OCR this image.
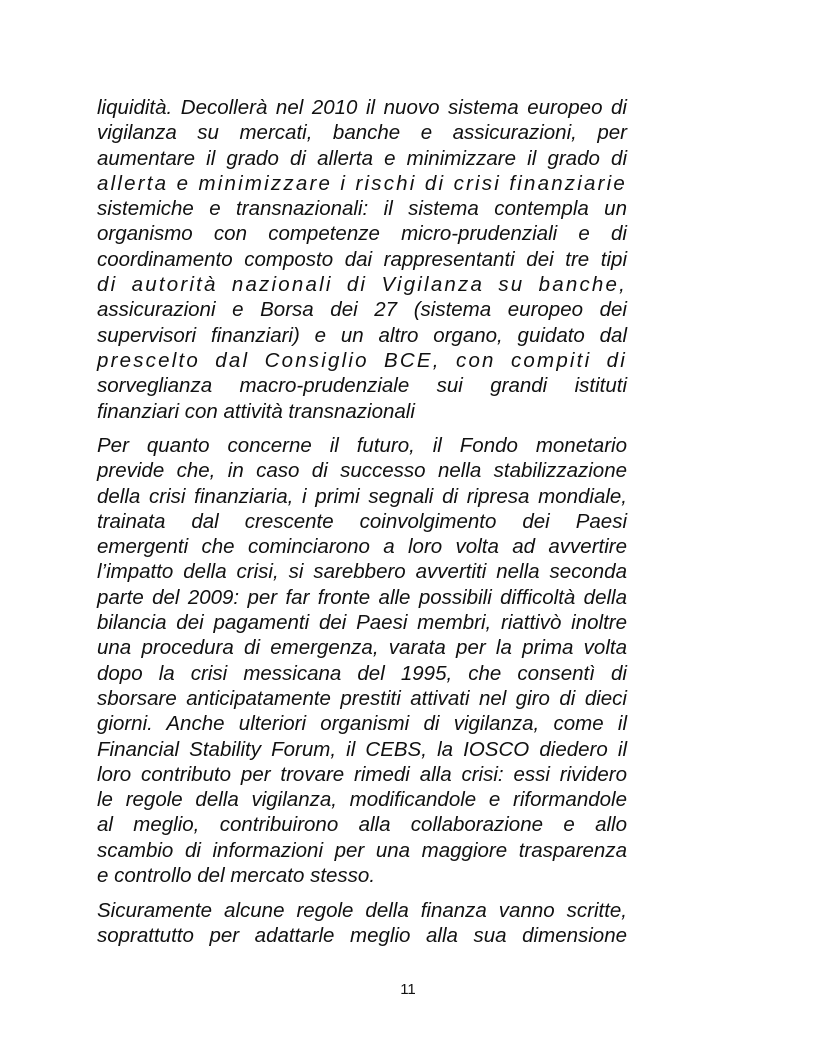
liquidità. Decollerà nel 2010 il nuovo sistema europeo di
vigilanza su mercati, banche e assicurazioni, per
aumentare il grado di allerta e minimizzare il grado di
allerta e minimizzare i rischi di crisi finanziarie
sistemiche e transnazionali: il sistema contempla un
organismo con competenze micro-prudenziali e di
coordinamento composto dai rappresentanti dei tre tipi
di autorità nazionali di Vigilanza su banche,
assicurazioni e Borsa dei 27 (sistema europeo dei
supervisori finanziari) e un altro organo, guidato dal
prescelto dal Consiglio BCE, con compiti di
sorveglianza macro-prudenziale sui grandi istituti
finanziari con attività transnazionali
Per quanto concerne il futuro, il Fondo monetario
previde che, in caso di successo nella stabilizzazione
della crisi finanziaria, i primi segnali di ripresa mondiale,
trainata dal crescente coinvolgimento dei Paesi
emergenti che cominciarono a loro volta ad avvertire
l’impatto della crisi, si sarebbero avvertiti nella seconda
parte del 2009: per far fronte alle possibili difficoltà della
bilancia dei pagamenti dei Paesi membri, riattivò inoltre
una procedura di emergenza, varata per la prima volta
dopo la crisi messicana del 1995, che consentì di
sborsare anticipatamente prestiti attivati nel giro di dieci
giorni. Anche ulteriori organismi di vigilanza, come il
Financial Stability Forum, il CEBS, la IOSCO diedero il
loro contributo per trovare rimedi alla crisi: essi rividero
le regole della vigilanza, modificandole e riformandole
al meglio, contribuirono alla collaborazione e allo
scambio di informazioni per una maggiore trasparenza
e controllo del mercato stesso.
Sicuramente alcune regole della finanza vanno scritte,
soprattutto per adattarle meglio alla sua dimensione
11
